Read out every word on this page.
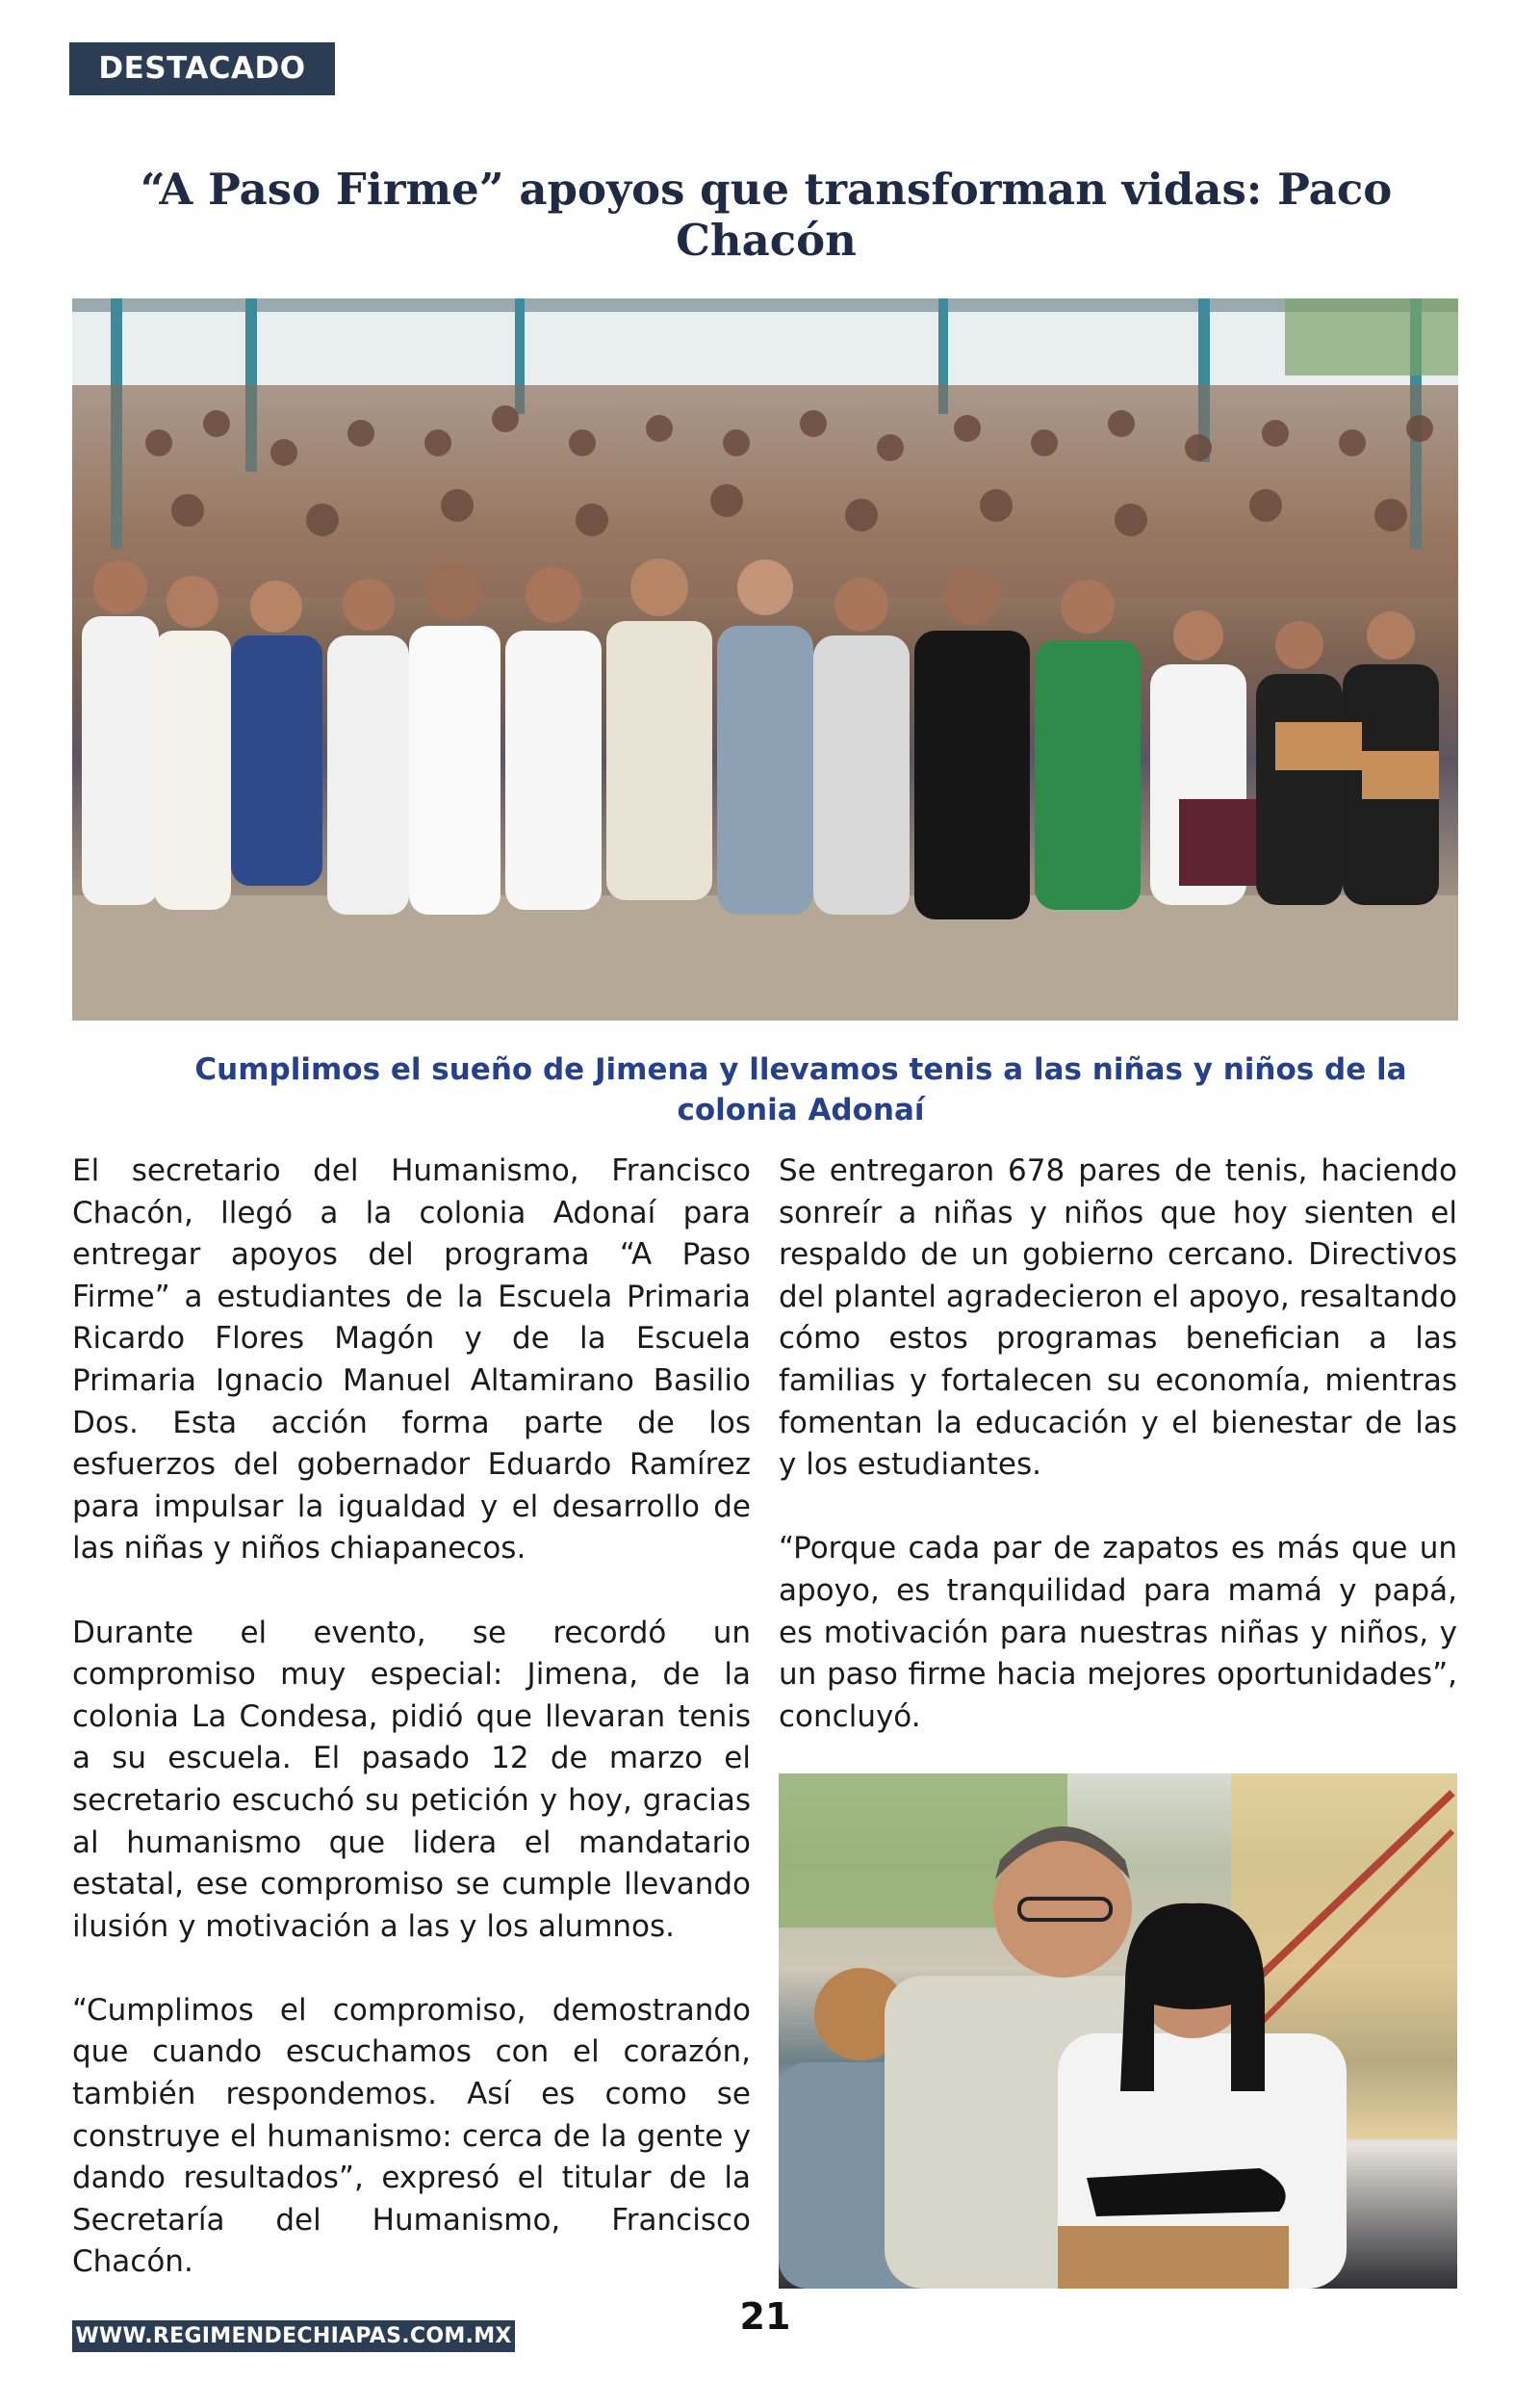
DESTACADO
“A Paso Firme” apoyos que transforman vidas: Paco Chacón

Cumplimos el sueño de Jimena y llevamos tenis a las niñas y niños de la colonia Adonaí

El secretario del Humanismo, Francisco Chacón, llegó a la colonia Adonaí para entregar apoyos del programa “A Paso Firme” a estudiantes de la Escuela Primaria Ricardo Flores Magón y de la Escuela Primaria Ignacio Manuel Altamirano Basilio Dos. Esta acción forma parte de los esfuerzos del gobernador Eduardo Ramírez para impulsar la igualdad y el desarrollo de las niñas y niños chiapanecos.

Durante el evento, se recordó un compromiso muy especial: Jimena, de la colonia La Condesa, pidió que llevaran tenis a su escuela. El pasado 12 de marzo el secretario escuchó su petición y hoy, gracias al humanismo que lidera el mandatario estatal, ese compromiso se cumple llevando ilusión y motivación a las y los alumnos.

“Cumplimos el compromiso, demostrando que cuando escuchamos con el corazón, también respondemos. Así es como se construye el humanismo: cerca de la gente y dando resultados”, expresó el titular de la Secretaría del Humanismo, Francisco Chacón.

Se entregaron 678 pares de tenis, haciendo sonreír a niñas y niños que hoy sienten el respaldo de un gobierno cercano. Directivos del plantel agradecieron el apoyo, resaltando cómo estos programas benefician a las familias y fortalecen su economía, mientras fomentan la educación y el bienestar de las y los estudiantes.

“Porque cada par de zapatos es más que un apoyo, es tranquilidad para mamá y papá, es motivación para nuestras niñas y niños, y un paso firme hacia mejores oportunidades”, concluyó.

WWW.REGIMENDECHIAPAS.COM.MX	21
